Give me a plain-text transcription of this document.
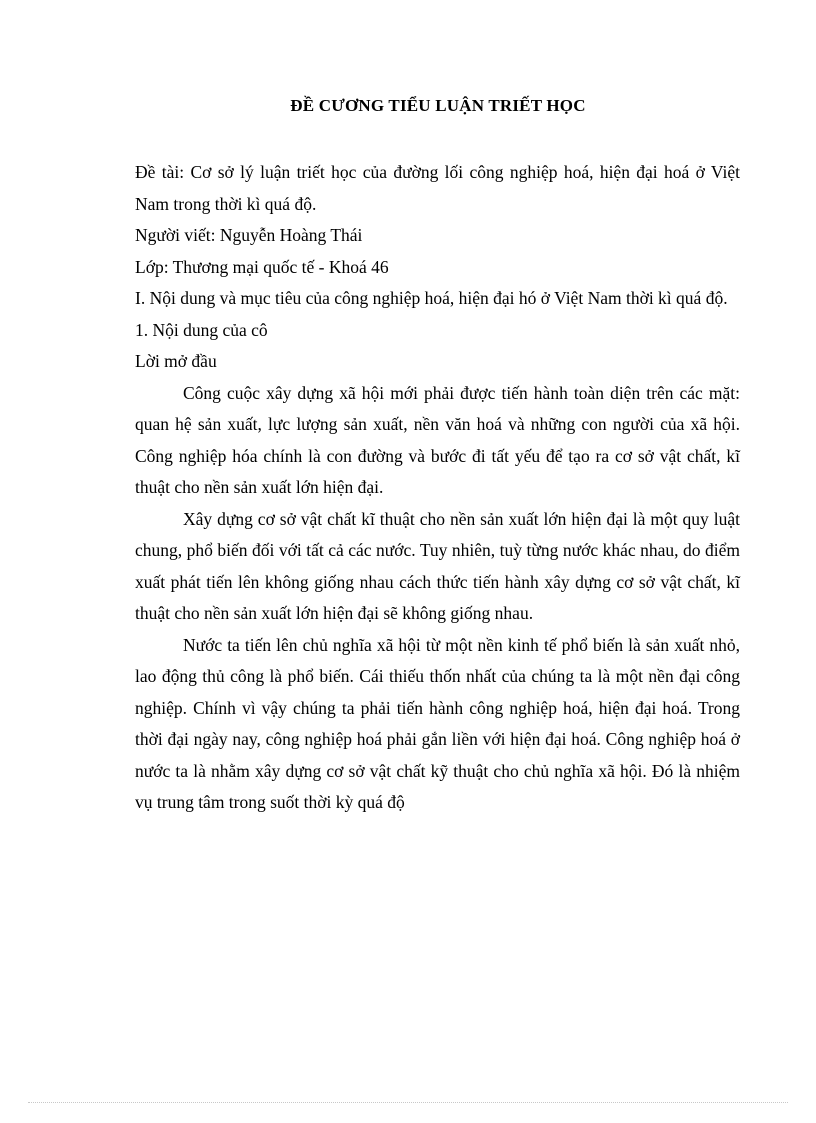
ĐỀ CƯƠNG TIỂU LUẬN TRIẾT HỌC

Đề tài: Cơ sở lý luận triết học của đường lối công nghiệp hoá, hiện đại hoá ở Việt Nam trong thời kì quá độ.

Người viết: Nguyễn Hoàng Thái

Lớp: Thương mại quốc tế - Khoá 46

I. Nội dung và mục tiêu của công nghiệp hoá, hiện đại hó ở Việt Nam thời kì quá độ.

1. Nội dung của cô

Lời mở đầu

Công cuộc xây dựng xã hội mới phải được tiến hành toàn diện trên các mặt: quan hệ sản xuất, lực lượng sản xuất, nền văn hoá và những con người của xã hội. Công nghiệp hóa chính là con đường và bước đi tất yếu để tạo ra cơ sở vật chất, kĩ thuật cho nền sản xuất lớn hiện đại.

Xây dựng cơ sở vật chất kĩ thuật cho nền sản xuất lớn hiện đại là một quy luật chung, phổ biến đối với tất cả các nước. Tuy nhiên, tuỳ từng nước khác nhau, do điểm xuất phát tiến lên không giống nhau cách thức tiến hành xây dựng cơ sở vật chất, kĩ thuật cho nền sản xuất lớn hiện đại sẽ không giống nhau.

Nước ta tiến lên chủ nghĩa xã hội từ một nền kinh tế phổ biến là sản xuất nhỏ, lao động thủ công là phổ biến. Cái thiếu thốn nhất của chúng ta là một nền đại công nghiệp. Chính vì vậy chúng ta phải tiến hành công nghiệp hoá, hiện đại hoá. Trong thời đại ngày nay, công nghiệp hoá phải gắn liền với hiện đại hoá. Công nghiệp hoá ở nước ta là nhằm xây dựng cơ sở vật chất kỹ thuật cho chủ nghĩa xã hội. Đó là nhiệm vụ trung tâm trong suốt thời kỳ quá độ
